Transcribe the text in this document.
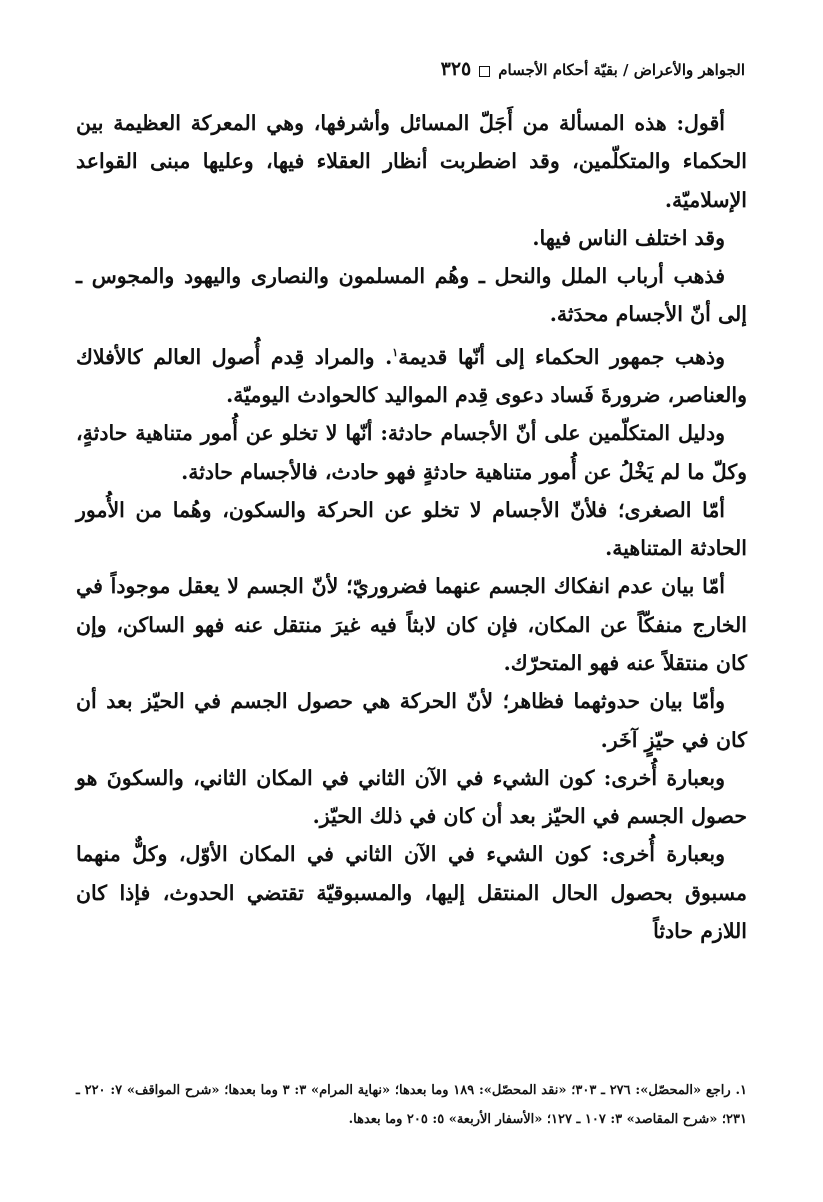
الجواهر والأعراض / بقيّة أحكام الأجسام٣٢٥

أقول: هذه المسألة من أَجَلّ المسائل وأشرفها، وهي المعركة العظيمة بين الحكماء والمتكلّمين، وقد اضطربت أنظار العقلاء فيها، وعليها مبنى القواعد الإسلاميّة.

وقد اختلف الناس فيها.

فذهب أرباب الملل والنحل ـ وهُم المسلمون والنصارى واليهود والمجوس ـ إلى أنّ الأجسام محدَثة.

وذهب جمهور الحكماء إلى أنّها قديمة$^١$. والمراد قِدم أُصول العالم كالأفلاك والعناصر، ضرورةَ فَساد دعوى قِدم المواليد كالحوادث اليوميّة.

ودليل المتكلّمين على أنّ الأجسام حادثة: أنّها لا تخلو عن أُمور متناهية حادثةٍ، وكلّ ما لم يَخْلُ عن أُمور متناهية حادثةٍ فهو حادث، فالأجسام حادثة.

أمّا الصغرى؛ فلأنّ الأجسام لا تخلو عن الحركة والسكون، وهُما من الأُمور الحادثة المتناهية.

أمّا بيان عدم انفكاك الجسم عنهما فضروريّ؛ لأنّ الجسم لا يعقل موجوداً في الخارج منفكّاً عن المكان، فإن كان لابثاً فيه غيرَ منتقل عنه فهو الساكن، وإن كان منتقلاً عنه فهو المتحرّك.

وأمّا بيان حدوثهما فظاهر؛ لأنّ الحركة هي حصول الجسم في الحيّز بعد أن كان في حيّزٍ آخَر.

وبعبارة أُخرى: كون الشيء في الآن الثاني في المكان الثاني، والسكونَ هو حصول الجسم في الحيّز بعد أن كان في ذلك الحيّز.

وبعبارة أُخرى: كون الشيء في الآن الثاني في المكان الأوّل، وكلٌّ منهما مسبوق بحصول الحال المنتقل إليها، والمسبوقيّة تقتضي الحدوث، فإذا كان اللازم حادثاً

١. راجع «المحصّل»: ٢٧٦ ـ ٣٠٣؛ «نقد المحصّل»: ١٨٩ وما بعدها؛ «نهاية المرام» ٣: ٣ وما بعدها؛ «شرح المواقف» ٧: ٢٢٠ ـ ٢٣١؛ «شرح المقاصد» ٣: ١٠٧ ـ ١٢٧؛ «الأسفار الأربعة» ٥: ٢٠٥ وما بعدها.
